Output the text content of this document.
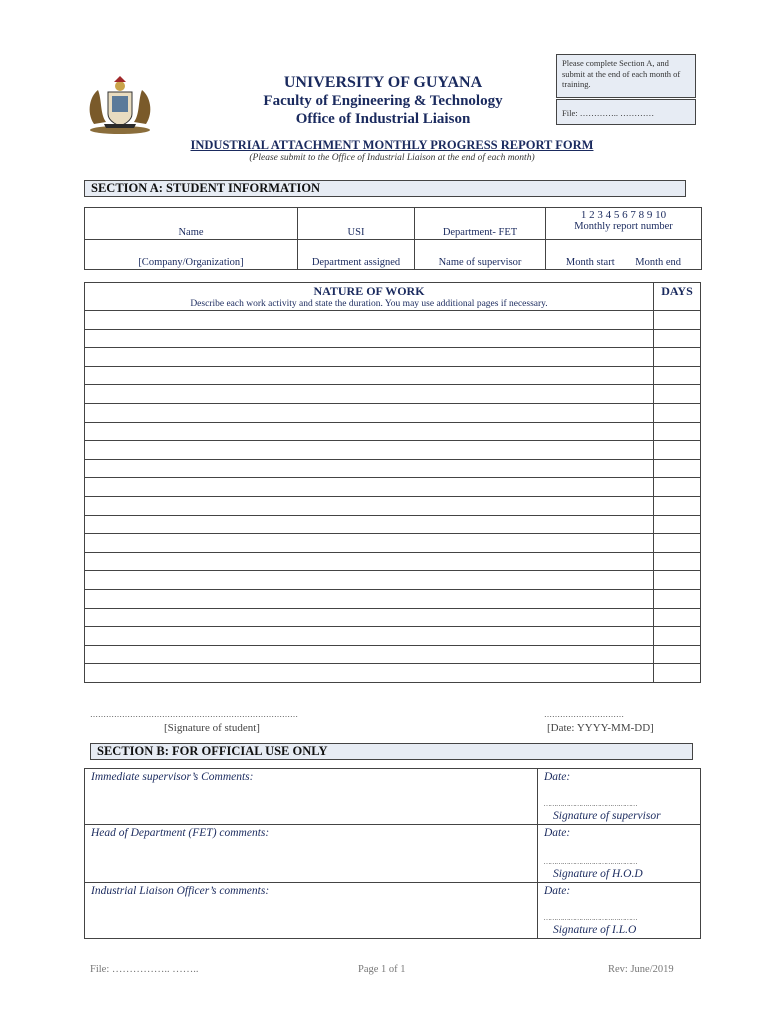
UNIVERSITY OF GUYANA
Faculty of Engineering & Technology
Office of Industrial Liaison
Please complete Section A, and submit at the end of each month of training.
File: ………….. …………
INDUSTRIAL ATTACHMENT MONTHLY PROGRESS REPORT FORM
(Please submit to the Office of Industrial Liaison at the end of each month)
SECTION A: STUDENT INFORMATION
Name	USI	Department- FET	1 2 3 4 5 6 7 8 9 10
Monthly report number

[Company/Organization]	Department assigned	Name of supervisor	Month start Month end
NATURE OF WORK
Describe each work activity and state the duration. You may use additional pages if necessary.	DAYS

……………………………………………………………………
[Signature of student]
…………………………
[Date: YYYY-MM-DD]
SECTION B: FOR OFFICIAL USE ONLY
Immediate supervisor’s Comments:	Date:
………………………………………
Signature of supervisor

Head of Department (FET) comments:	Date:
………………………………………
Signature of H.O.D

Industrial Liaison Officer’s comments:	Date:
………………………………………
Signature of I.L.O
File: …………….. ……..	Page 1 of 1	Rev: June/2019
